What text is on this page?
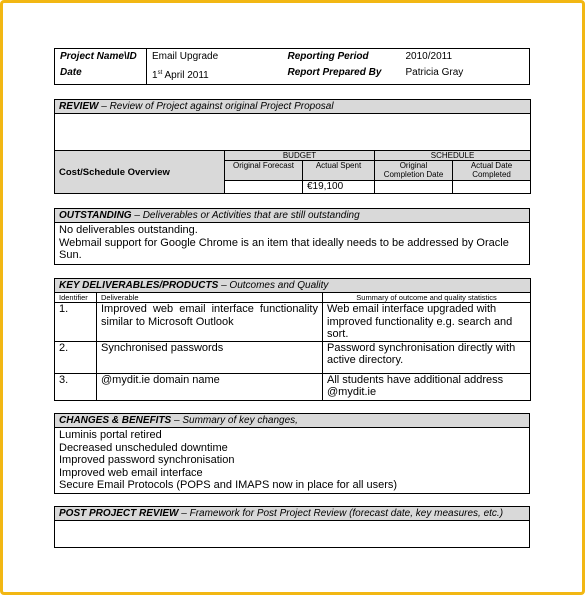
Project Name\ID	Email Upgrade	Reporting Period	2010/2011
Date	1st April 2011	Report Prepared By	Patricia Gray
REVIEW – Review of Project against original Project Proposal				

Cost/Schedule Overview	BUDGET		SCHEDULE	
	Original Forecast	Actual Spent	Original Completion Date	Actual Date Completed
		€19,100		
OUTSTANDING – Deliverables or Activities that are still outstanding

No deliverables outstanding.
Webmail support for Google Chrome is an item that ideally needs to be addressed by Oracle Sun.
KEY DELIVERABLES/PRODUCTS – Outcomes and Quality		
Identifier	Deliverable	Summary of outcome and quality statistics
1.	Improved web email interface functionality similar to Microsoft Outlook	Web email interface upgraded with improved functionality e.g. search and sort.
2.	Synchronised passwords	Password synchronisation directly with active directory.
3.	@mydit.ie domain name	All students have additional address @mydit.ie
CHANGES & BENEFITS – Summary of key changes,

Luminis portal retired
Decreased unscheduled downtime
Improved password synchronisation
Improved web email interface
Secure Email Protocols (POPS and IMAPS now in place for all users)
POST PROJECT REVIEW – Framework for Post Project Review (forecast date, key measures, etc.)
